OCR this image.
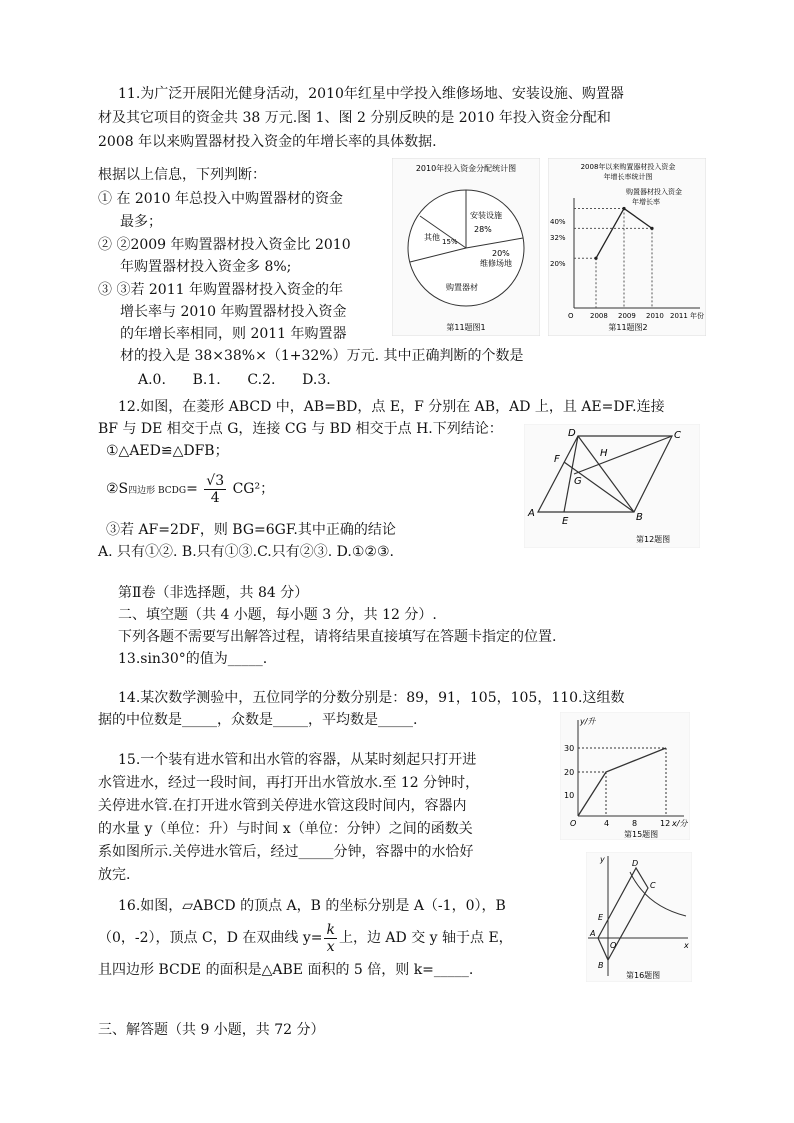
11.为广泛开展阳光健身活动，2010年红星中学投入维修场地、安装设施、购置器
材及其它项目的资金共 38 万元.图 1、图 2 分别反映的是 2010 年投入资金分配和
2008 年以来购置器材投入资金的年增长率的具体数据.
根据以上信息，下列判断：
① 在 2010 年总投入中购置器材的资金
最多；
② ②2009 年购置器材投入资金比 2010
年购置器材投入资金多 8%;
③ ③若 2011 年购置器材投入资金的年
增长率与 2010 年购置器材投入资金
的年增长率相同，则 2011 年购置器
材的投入是 38×38%×（1+32%）万元. 其中正确判断的个数是
A.0.      B.1.      C.2.      D.3.
2010年投入资金分配统计图
安装设施
28%
20%
维修场地
购置器材
其他 15%
第11题图1
2008年以来购置器材投入资金
年增长率统计图
购置器材投入资金
年增长率
40%
32%
20%
O 2008 2009 2010 2011 年份
第11题图2
12.如图，在菱形 ABCD 中，AB=BD，点 E，F 分别在 AB，AD 上，且 AE=DF.连接
BF 与 DE 相交于点 G，连接 CG 与 BD 相交于点 H.下列结论：
①△AED≌△DFB；
②S四边形 BCDG= $\frac{√3}{4} CG^2$；
③若 AF=2DF，则 BG=6GF.其中正确的结论
A. 只有①②. B.只有①③.C.只有②③. D.①②③.
A	B
C
D
E
F
G
H
第12题图
第Ⅱ卷（非选择题，共 84 分）
二、填空题（共 4 小题，每小题 3 分，共 12 分）.
下列各题不需要写出解答过程，请将结果直接填写在答题卡指定的位置.
13.sin30°的值为_____.
14.某次数学测验中，五位同学的分数分别是：89，91，105，105，110.这组数
据的中位数是_____，众数是_____，平均数是_____.
15.一个装有进水管和出水管的容器，从某时刻起只打开进
水管进水，经过一段时间，再打开出水管放水.至 12 分钟时，
关停进水管.在打开进水管到关停进水管这段时间内，容器内
的水量 y（单位：升）与时间 x（单位：分钟）之间的函数关
系如图所示.关停进水管后，经过_____分钟，容器中的水恰好
放完.
y/升
x/分
30
20
10
O	4	8	12
第15题图
16.如图，▱ABCD 的顶点 A，B 的坐标分别是 A（-1，0），B
（0，-2），顶点 C，D 在双曲线 $y= \frac{k}{x}$ 上，边 AD 交 y 轴于点 E，
且四边形 BCDE 的面积是△ABE 面积的 5 倍，则 k=_____.
y
x
A
B
C
D
E
O
第16题图
三、解答题（共 9 小题，共 72 分）
